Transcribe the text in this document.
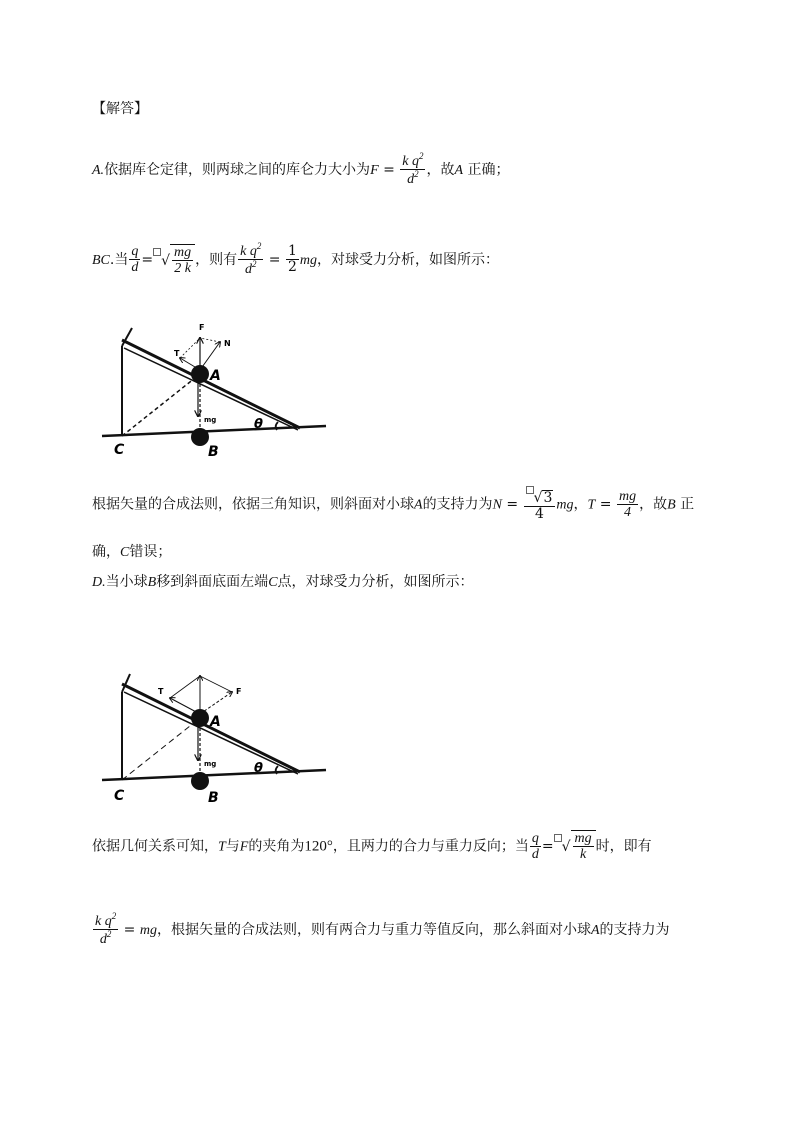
【解答】
A.依据库仑定律，则两球之间的库仑力大小为$F = \frac{k q^2}{d^2}$ ，故A 正确；
BC.当 $\frac{q}{d}$ = √ $\frac{mg}{2 k}$ ，则有 $\frac{k q^2}{d^2} = \frac{1}{2}$ mg，对球受力分析，如图所示：
F
N
T
A
mg	θ
C	B
根据矢量的合成法则，依据三角知识，则斜面对小球A的支持力为$N = \frac{√3}{4}$ mg，$T = \frac{mg}{4}$ ，故B 正
确，C错误；
D.当小球B移到斜面底面左端C点，对球受力分析，如图所示：
T	F
A
mg	θ
C	B
依据几何关系可知，T与F的夹角为120°，且两力的合力与重力反向；当 $\frac{q}{d}$ = √ $\frac{mg}{k}$ 时，即有
$\frac{k q^2}{d^2}$ = mg，根据矢量的合成法则，则有两合力与重力等值反向，那么斜面对小球A的支持力为
